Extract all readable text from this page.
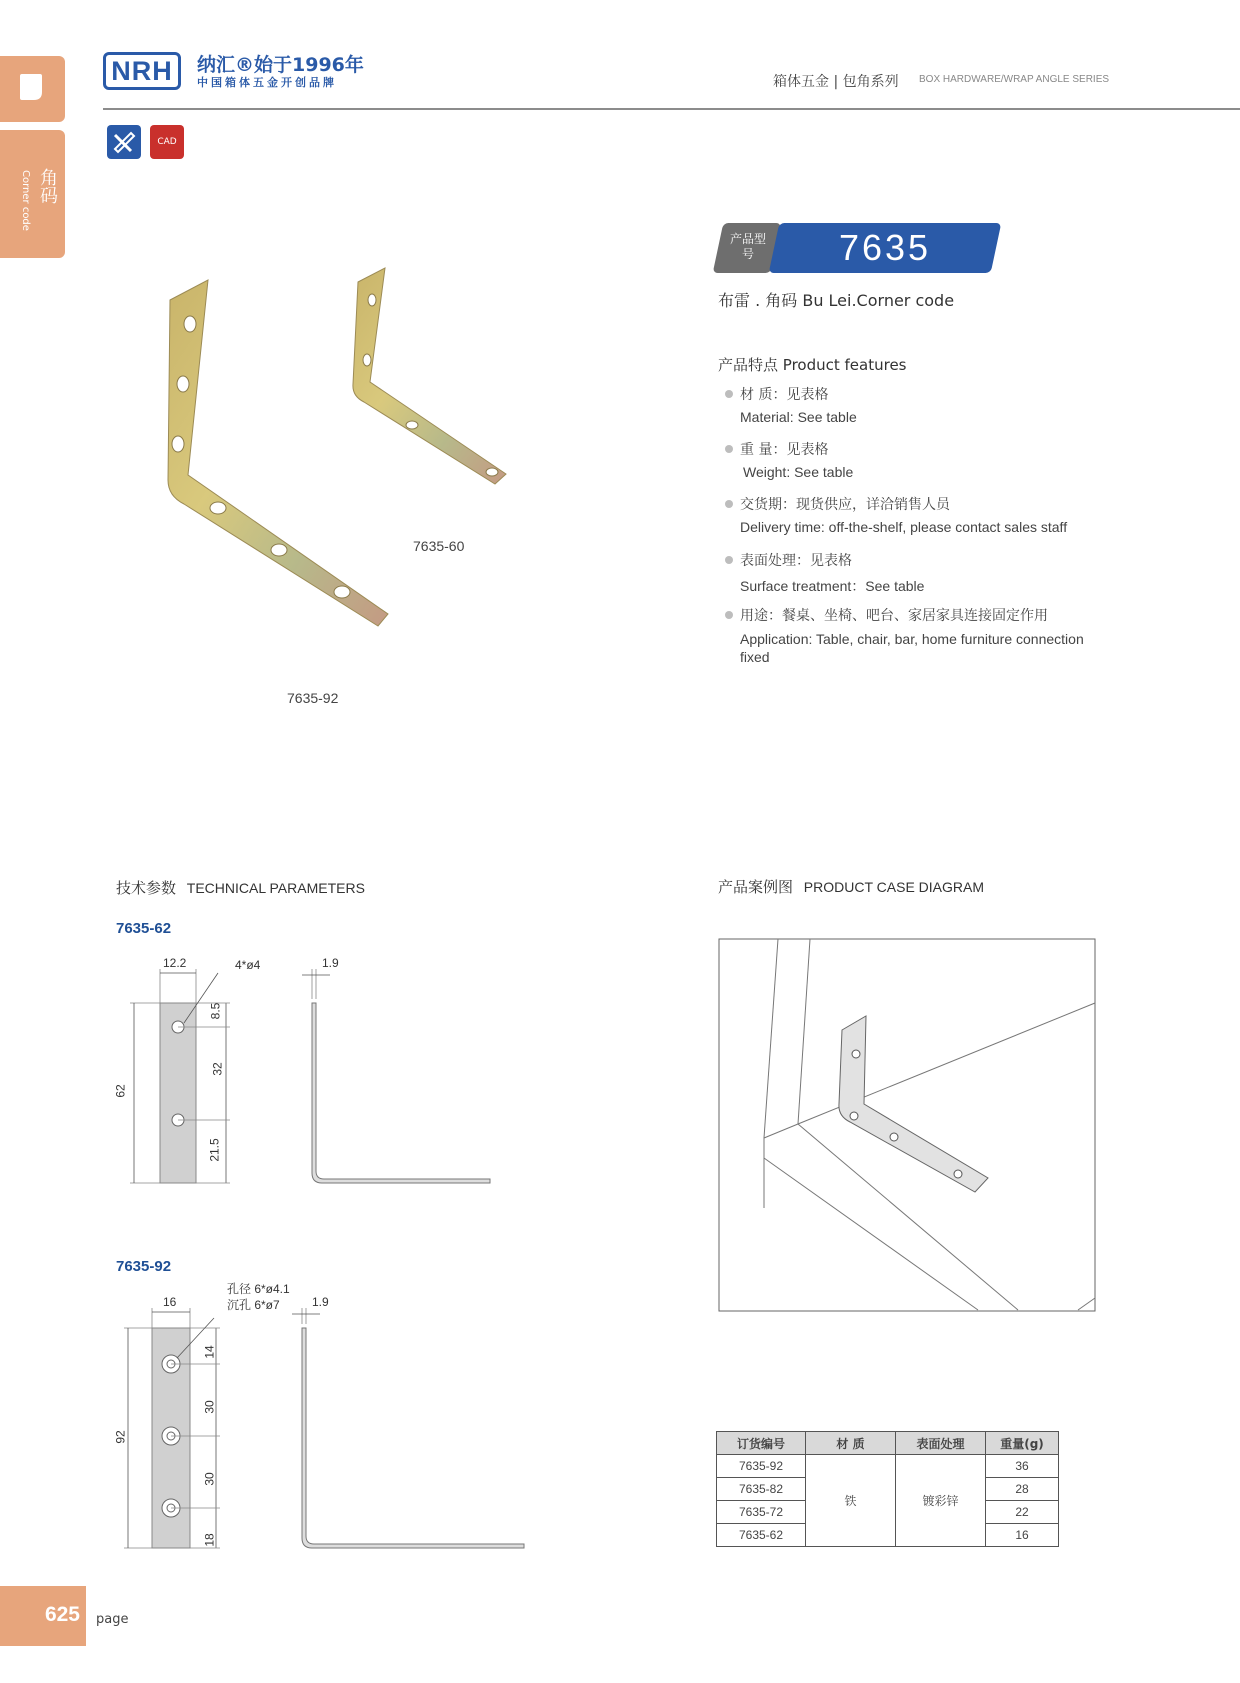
角码
Corner code
NRH	纳汇®始于1996年
中国箱体五金开创品牌	箱体五金 | 包角系列 BOX HARDWARE/WRAP ANGLE SERIES
CAD
7635-60
7635-92
产品型号	7635
布雷 . 角码 Bu Lei.Corner code
产品特点 Product features
材 质：见表格
Material: See table
重 量：见表格
Weight: See table
交货期：现货供应，详洽销售人员
Delivery time: off-the-shelf, please contact sales staff
表面处理：见表格
Surface treatment：See table
用途：餐桌、坐椅、吧台、家居家具连接固定作用
Application: Table, chair, bar, home furniture connection fixed
技术参数 TECHNICAL PARAMETERS
7635-62
12.2	4*ø4	1.9
62
8.5
32
21.5
7635-92
16
孔径 6*ø4.1
沉孔 6*ø7	1.9
92
14
30
30
18
产品案例图 PRODUCT CASE DIAGRAM
订货编号	材 质	表面处理	重量(g)
7635-92	铁	镀彩锌	36
7635-82			28
7635-72			22
7635-62			16
625 page
